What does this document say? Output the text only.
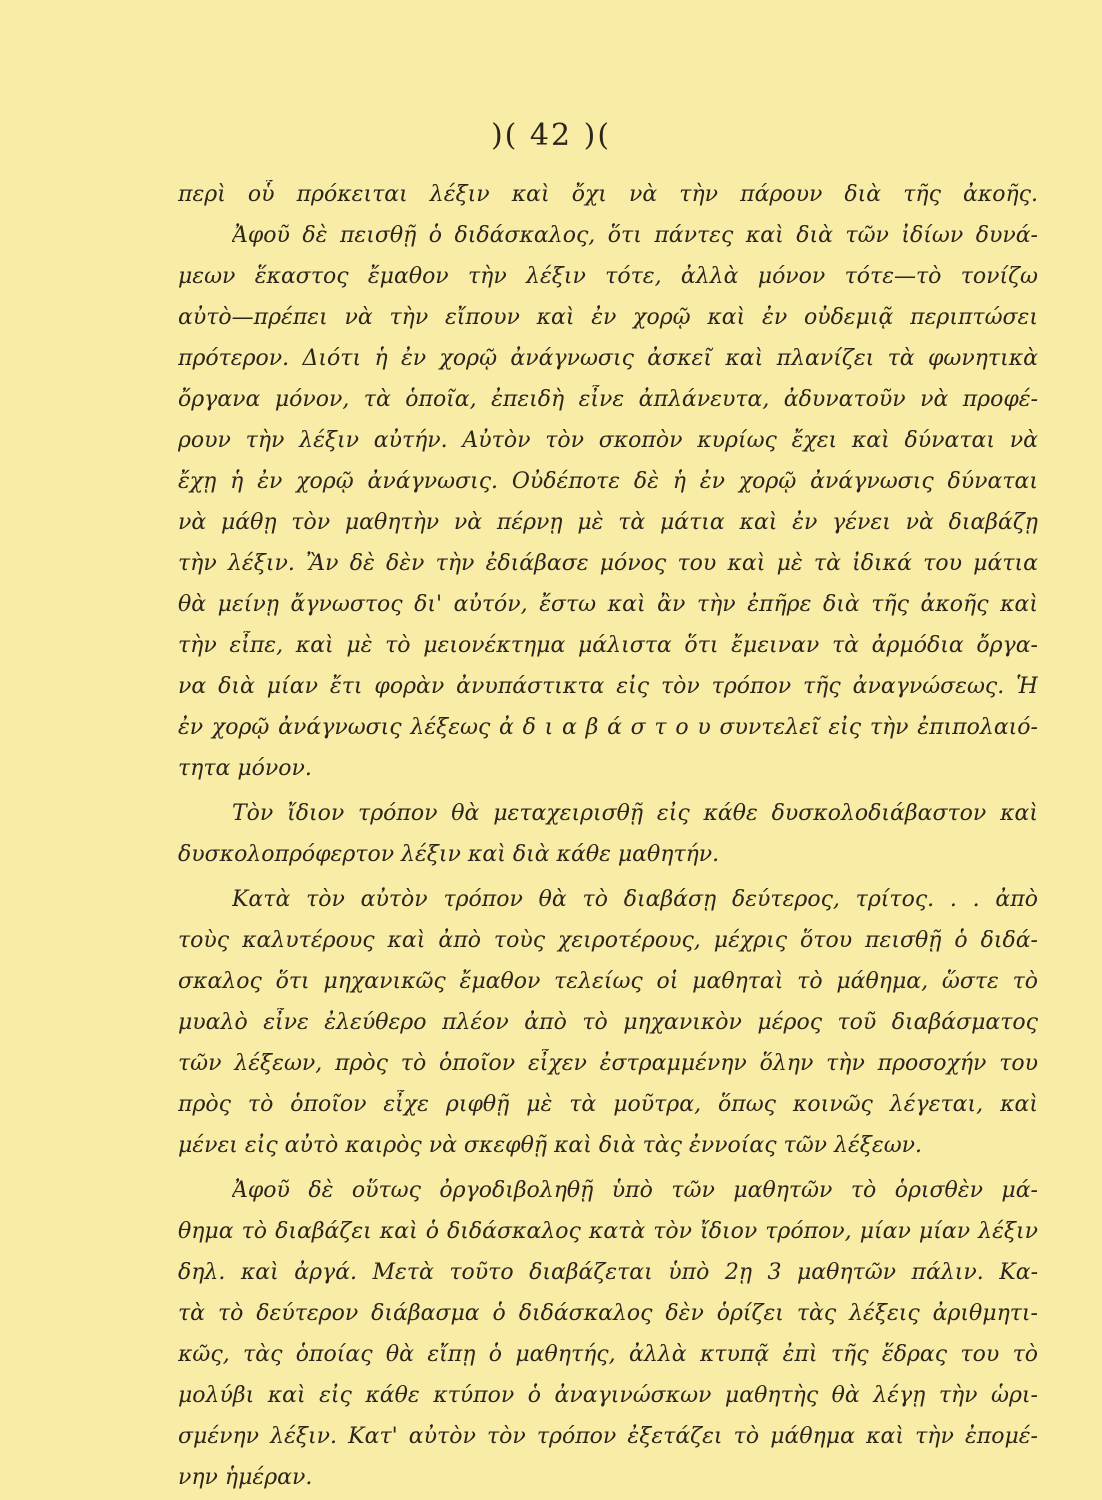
)( 42 )(
περὶ οὗ πρόκειται λέξιν καὶ ὄχι νὰ τὴν πάρουν διὰ τῆς ἀκοῆς.
Ἀφοῦ δὲ πεισθῇ ὁ διδάσκαλος, ὅτι πάντες καὶ διὰ τῶν ἰδίων δυνά-
μεων ἕκαστος ἔμαθον τὴν λέξιν τότε, ἀλλὰ μόνον τότε—τὸ τονίζω
αὐτὸ—πρέπει νὰ τὴν εἴπουν καὶ ἐν χορῷ καὶ ἐν οὐδεμιᾷ περιπτώσει
πρότερον. Διότι ἡ ἐν χορῷ ἀνάγνωσις ἀσκεῖ καὶ πλανίζει τὰ φωνητικὰ
ὄργανα μόνον, τὰ ὁποῖα, ἐπειδὴ εἶνε ἀπλάνευτα, ἀδυνατοῦν νὰ προφέ-
ρουν τὴν λέξιν αὐτήν. Αὐτὸν τὸν σκοπὸν κυρίως ἔχει καὶ δύναται νὰ
ἔχῃ ἡ ἐν χορῷ ἀνάγνωσις. Οὐδέποτε δὲ ἡ ἐν χορῷ ἀνάγνωσις δύναται
νὰ μάθῃ τὸν μαθητὴν νὰ πέρνῃ μὲ τὰ μάτια καὶ ἐν γένει νὰ διαβάζῃ
τὴν λέξιν. Ἂν δὲ δὲν τὴν ἐδιάβασε μόνος του καὶ μὲ τὰ ἰδικά του μάτια
θὰ μείνῃ ἄγνωστος δι' αὐτόν, ἔστω καὶ ἂν τὴν ἐπῆρε διὰ τῆς ἀκοῆς καὶ
τὴν εἶπε, καὶ μὲ τὸ μειονέκτημα μάλιστα ὅτι ἔμειναν τὰ ἀρμόδια ὄργα-
να διὰ μίαν ἔτι φορὰν ἀνυπάστικτα εἰς τὸν τρόπον τῆς ἀναγνώσεως. Ἡ
ἐν χορῷ ἀνάγνωσις λέξεως ἀ δ ι α β ά σ τ ο υ συντελεῖ εἰς τὴν ἐπιπολαιό-
τητα μόνον.
Τὸν ἴδιον τρόπον θὰ μεταχειρισθῇ εἰς κάθε δυσκολοδιάβαστον καὶ
δυσκολοπρόφερτον λέξιν καὶ διὰ κάθε μαθητήν.
Κατὰ τὸν αὐτὸν τρόπον θὰ τὸ διαβάσῃ δεύτερος, τρίτος. . . ἀπὸ
τοὺς καλυτέρους καὶ ἀπὸ τοὺς χειροτέρους, μέχρις ὅτου πεισθῇ ὁ διδά-
σκαλος ὅτι μηχανικῶς ἔμαθον τελείως οἱ μαθηταὶ τὸ μάθημα, ὥστε τὸ
μυαλὸ εἶνε ἐλεύθερο πλέον ἀπὸ τὸ μηχανικὸν μέρος τοῦ διαβάσματος
τῶν λέξεων, πρὸς τὸ ὁποῖον εἶχεν ἐστραμμένην ὅλην τὴν προσοχήν του
πρὸς τὸ ὁποῖον εἶχε ριφθῇ μὲ τὰ μοῦτρα, ὅπως κοινῶς λέγεται, καὶ
μένει εἰς αὐτὸ καιρὸς νὰ σκεφθῇ καὶ διὰ τὰς ἐννοίας τῶν λέξεων.
Ἀφοῦ δὲ οὕτως ὀργοδιβοληθῇ ὑπὸ τῶν μαθητῶν τὸ ὁρισθὲν μά-
θημα τὸ διαβάζει καὶ ὁ διδάσκαλος κατὰ τὸν ἴδιον τρόπον, μίαν μίαν λέξιν
δηλ. καὶ ἀργά. Μετὰ τοῦτο διαβάζεται ὑπὸ 2ῃ 3 μαθητῶν πάλιν. Κα-
τὰ τὸ δεύτερον διάβασμα ὁ διδάσκαλος δὲν ὁρίζει τὰς λέξεις ἀριθμητι-
κῶς, τὰς ὁποίας θὰ εἴπῃ ὁ μαθητής, ἀλλὰ κτυπᾷ ἐπὶ τῆς ἕδρας του τὸ
μολύβι καὶ εἰς κάθε κτύπον ὁ ἀναγινώσκων μαθητὴς θὰ λέγῃ τὴν ὡρι-
σμένην λέξιν. Κατ' αὐτὸν τὸν τρόπον ἐξετάζει τὸ μάθημα καὶ τὴν ἐπομέ-
νην ἡμέραν.
